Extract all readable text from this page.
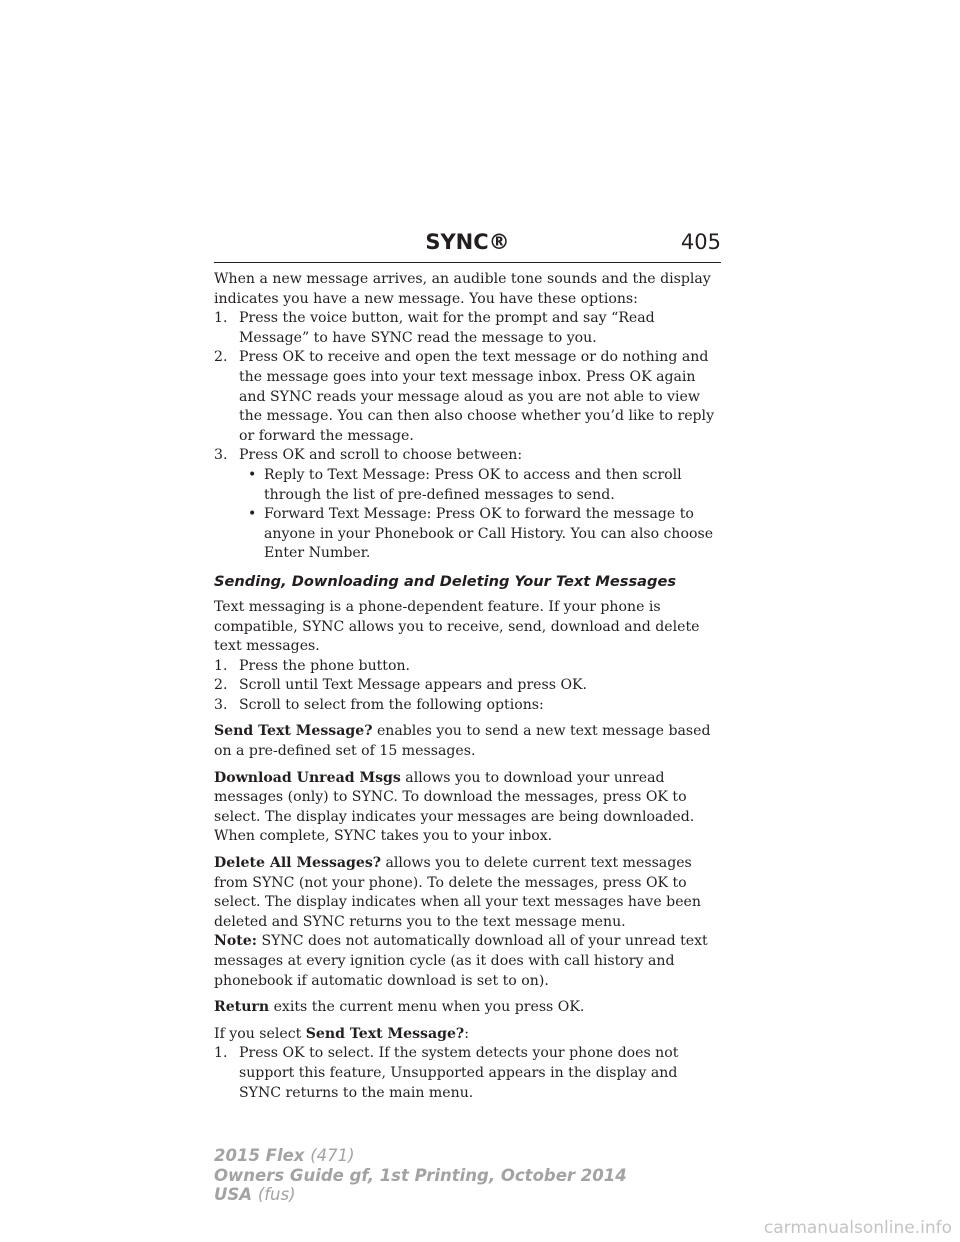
SYNC®	405

When a new message arrives, an audible tone sounds and the display indicates you have a new message. You have these options:

1. Press the voice button, wait for the prompt and say “Read Message” to have SYNC read the message to you.
2. Press OK to receive and open the text message or do nothing and the message goes into your text message inbox. Press OK again and SYNC reads your message aloud as you are not able to view the message. You can then also choose whether you’d like to reply or forward the message.
3. Press OK and scroll to choose between:
• Reply to Text Message: Press OK to access and then scroll through the list of pre-defined messages to send.
• Forward Text Message: Press OK to forward the message to anyone in your Phonebook or Call History. You can also choose Enter Number.
Sending, Downloading and Deleting Your Text Messages

Text messaging is a phone-dependent feature. If your phone is compatible, SYNC allows you to receive, send, download and delete text messages.

1. Press the phone button.
2. Scroll until Text Message appears and press OK.
3. Scroll to select from the following options:

Send Text Message? enables you to send a new text message based on a pre-defined set of 15 messages.

Download Unread Msgs allows you to download your unread messages (only) to SYNC. To download the messages, press OK to select. The display indicates your messages are being downloaded. When complete, SYNC takes you to your inbox.

Delete All Messages? allows you to delete current text messages from SYNC (not your phone). To delete the messages, press OK to select. The display indicates when all your text messages have been deleted and SYNC returns you to the text message menu.

Note: SYNC does not automatically download all of your unread text messages at every ignition cycle (as it does with call history and phonebook if automatic download is set to on).

Return exits the current menu when you press OK.

If you select Send Text Message?:

1. Press OK to select. If the system detects your phone does not support this feature, Unsupported appears in the display and SYNC returns to the main menu.
2015 Flex (471)
Owners Guide gf, 1st Printing, October 2014
USA (fus)
carmanualsonline.info
